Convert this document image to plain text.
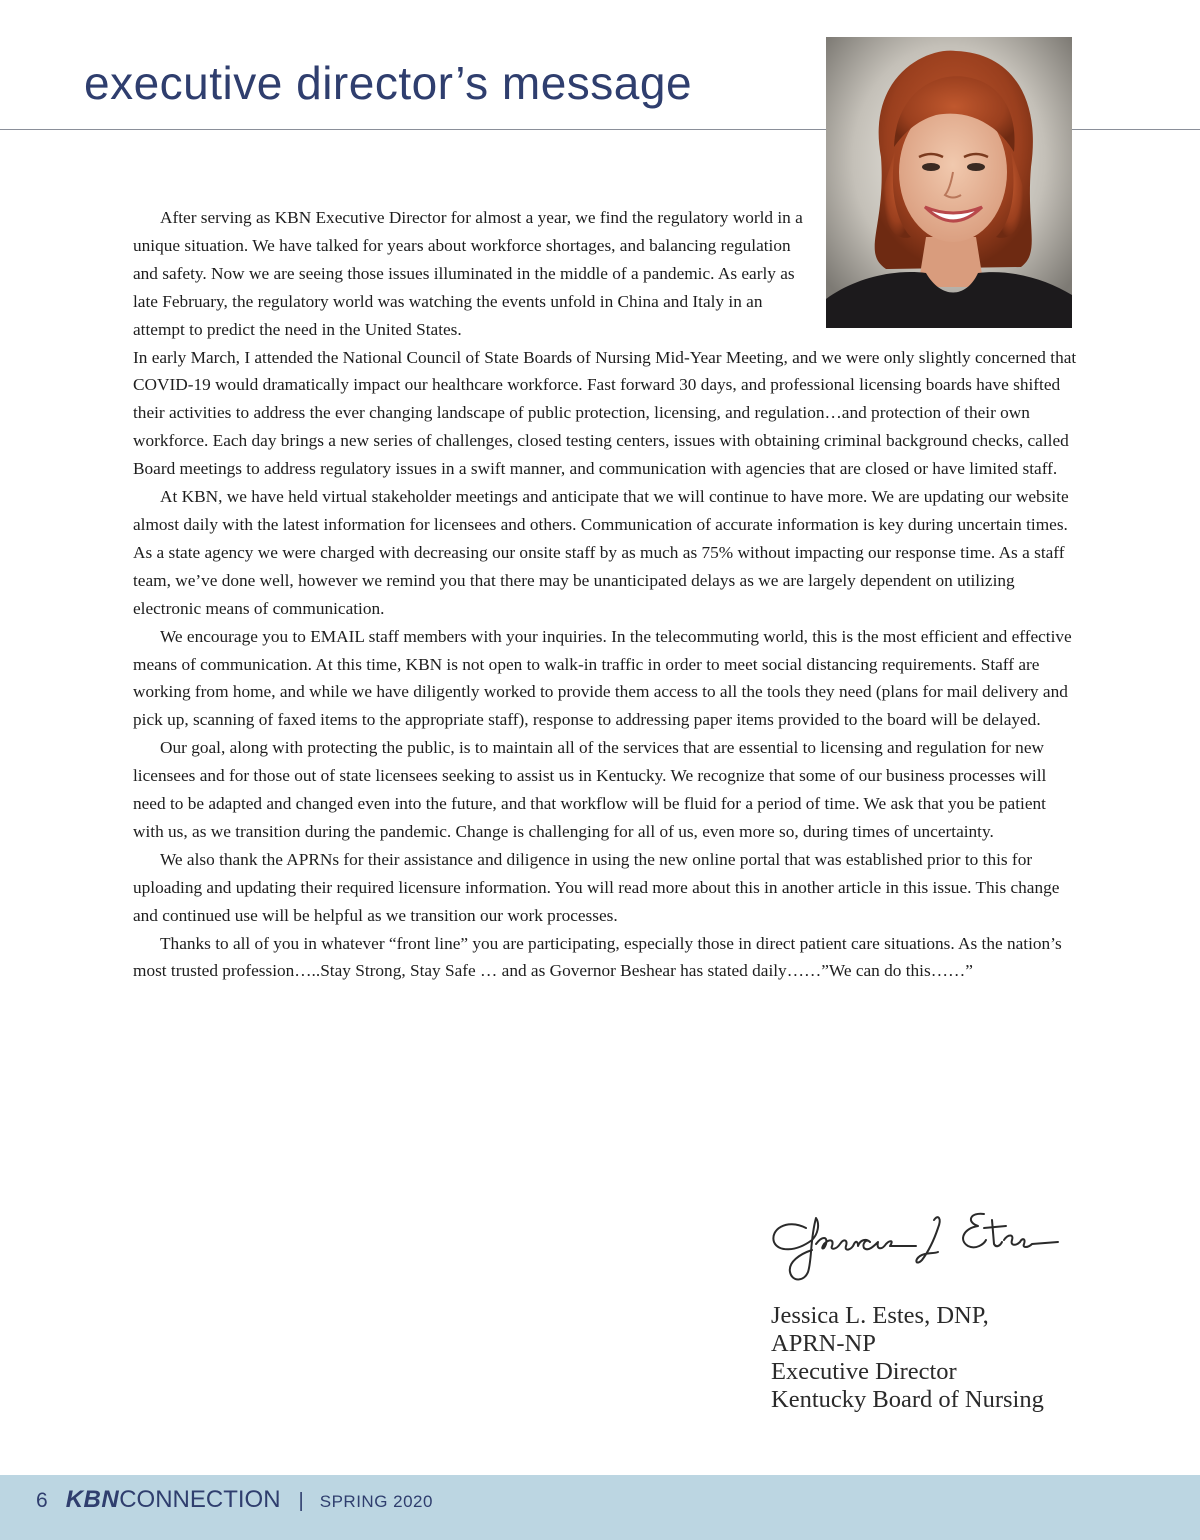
executive director’s message

After serving as KBN Executive Director for almost a year, we find the regulatory world in a unique situation. We have talked for years about workforce shortages, and balancing regulation and safety. Now we are seeing those issues illuminated in the middle of a pandemic. As early as late February, the regulatory world was watching the events unfold in China and Italy in an attempt to predict the need in the United States.

In early March, I attended the National Council of State Boards of Nursing Mid-Year Meeting, and we were only slightly concerned that COVID-19 would dramatically impact our healthcare workforce. Fast forward 30 days, and professional licensing boards have shifted their activities to address the ever changing landscape of public protection, licensing, and regulation…and protection of their own workforce. Each day brings a new series of challenges, closed testing centers, issues with obtaining criminal background checks, called Board meetings to address regulatory issues in a swift manner, and communication with agencies that are closed or have limited staff.

At KBN, we have held virtual stakeholder meetings and anticipate that we will continue to have more. We are updating our website almost daily with the latest information for licensees and others. Communication of accurate information is key during uncertain times. As a state agency we were charged with decreasing our onsite staff by as much as 75% without impacting our response time. As a staff team, we’ve done well, however we remind you that there may be unanticipated delays as we are largely dependent on utilizing electronic means of communication.

We encourage you to EMAIL staff members with your inquiries. In the telecommuting world, this is the most efficient and effective means of communication. At this time, KBN is not open to walk-in traffic in order to meet social distancing requirements. Staff are working from home, and while we have diligently worked to provide them access to all the tools they need (plans for mail delivery and pick up, scanning of faxed items to the appropriate staff), response to addressing paper items provided to the board will be delayed.

Our goal, along with protecting the public, is to maintain all of the services that are essential to licensing and regulation for new licensees and for those out of state licensees seeking to assist us in Kentucky. We recognize that some of our business processes will need to be adapted and changed even into the future, and that workflow will be fluid for a period of time. We ask that you be patient with us, as we transition during the pandemic. Change is challenging for all of us, even more so, during times of uncertainty.

We also thank the APRNs for their assistance and diligence in using the new online portal that was established prior to this for uploading and updating their required licensure information. You will read more about this in another article in this issue. This change and continued use will be helpful as we transition our work processes.

Thanks to all of you in whatever “front line” you are participating, especially those in direct patient care situations. As the nation’s most trusted profession…..Stay Strong, Stay Safe … and as Governor Beshear has stated daily……”We can do this……”

Jessica L. Estes, DNP,
APRN-NP
Executive Director
Kentucky Board of Nursing
6 KBN CONNECTION | SPRING 2020
